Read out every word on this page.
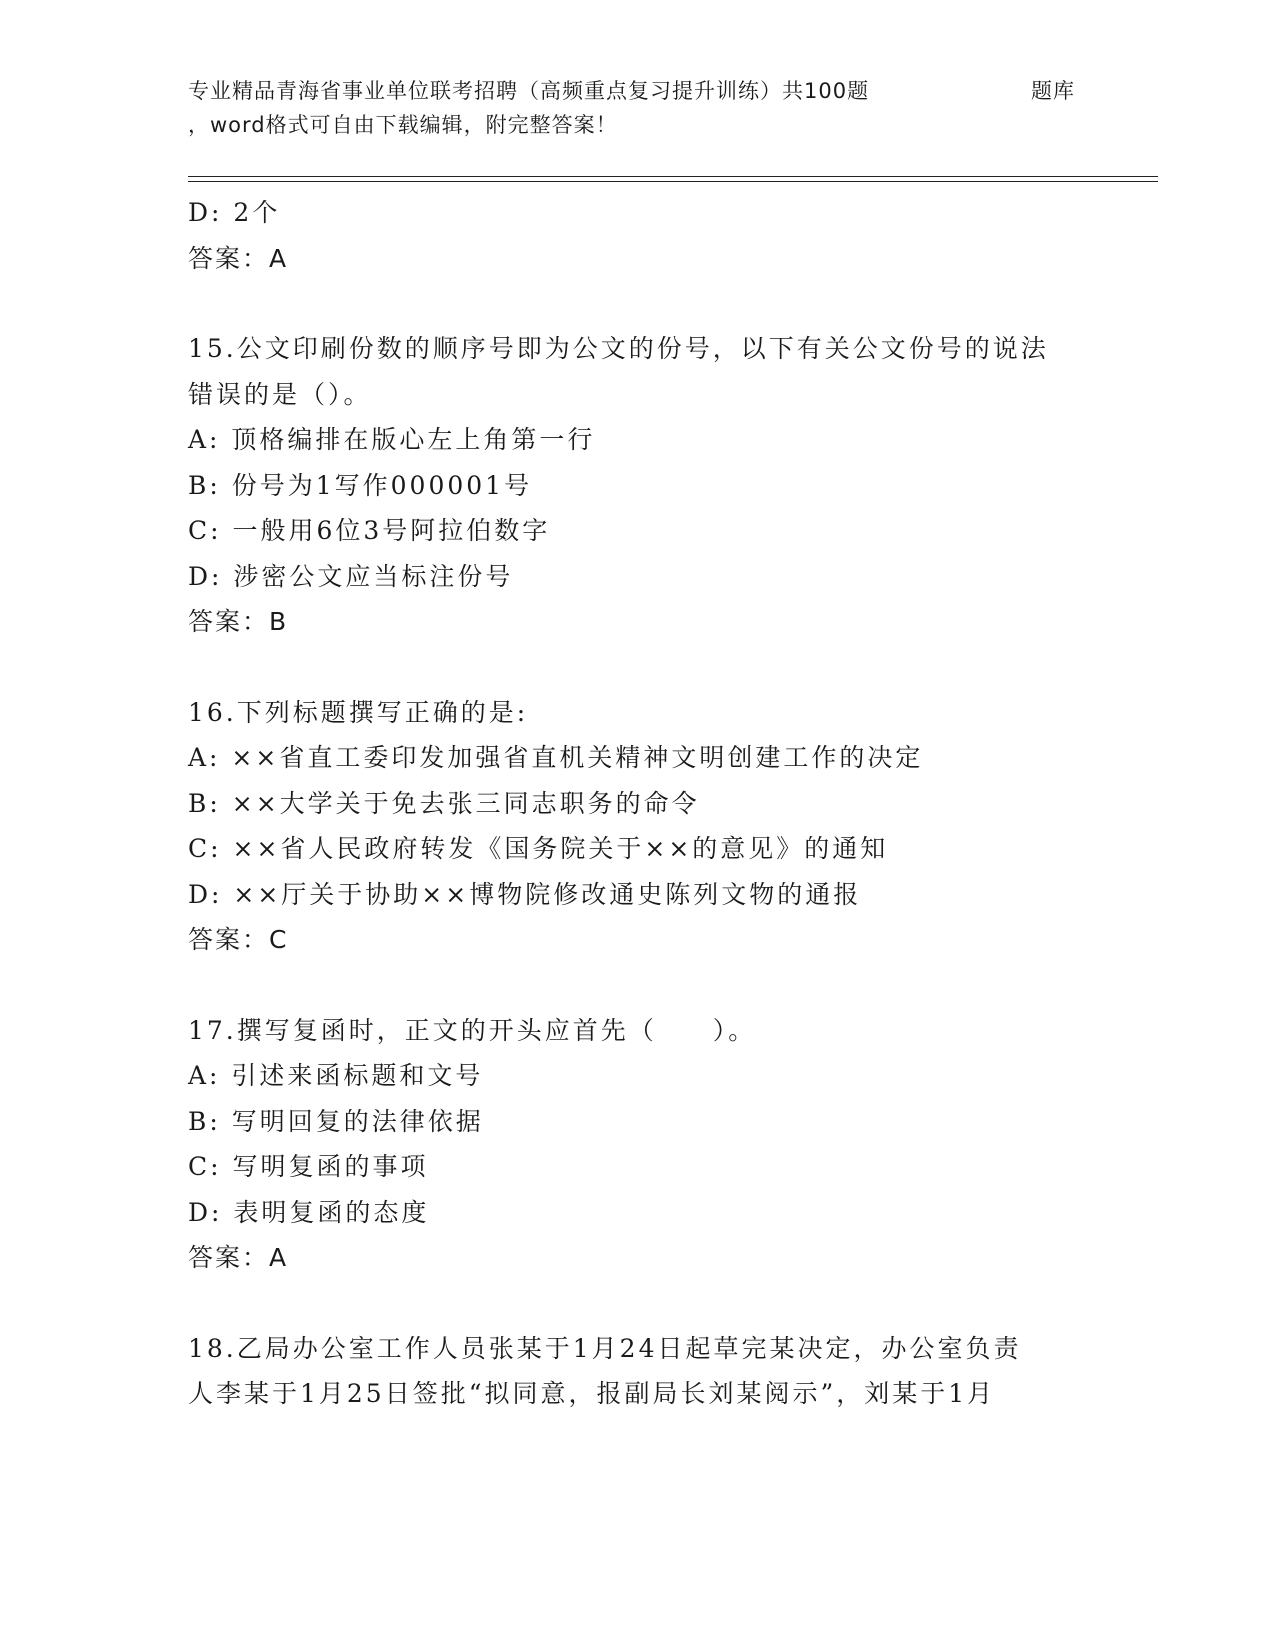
专业精品青海省事业单位联考招聘（高频重点复习提升训练）共100题	题库
，word格式可自由下载编辑，附完整答案！
D: 2个
答案：A
15.公文印刷份数的顺序号即为公文的份号，以下有关公文份号的说法
错误的是（）。
A: 顶格编排在版心左上角第一行
B: 份号为1写作000001号
C: 一般用6位3号阿拉伯数字
D: 涉密公文应当标注份号
答案：B
16.下列标题撰写正确的是:
A: ××省直工委印发加强省直机关精神文明创建工作的决定
B: ××大学关于免去张三同志职务的命令
C: ××省人民政府转发《国务院关于××的意见》的通知
D: ××厅关于协助××博物院修改通史陈列文物的通报
答案：C
17.撰写复函时，正文的开头应首先（　　）。
A: 引述来函标题和文号
B: 写明回复的法律依据
C: 写明复函的事项
D: 表明复函的态度
答案：A
18.乙局办公室工作人员张某于1月24日起草完某决定，办公室负责
人李某于1月25日签批“拟同意，报副局长刘某阅示”，刘某于1月
